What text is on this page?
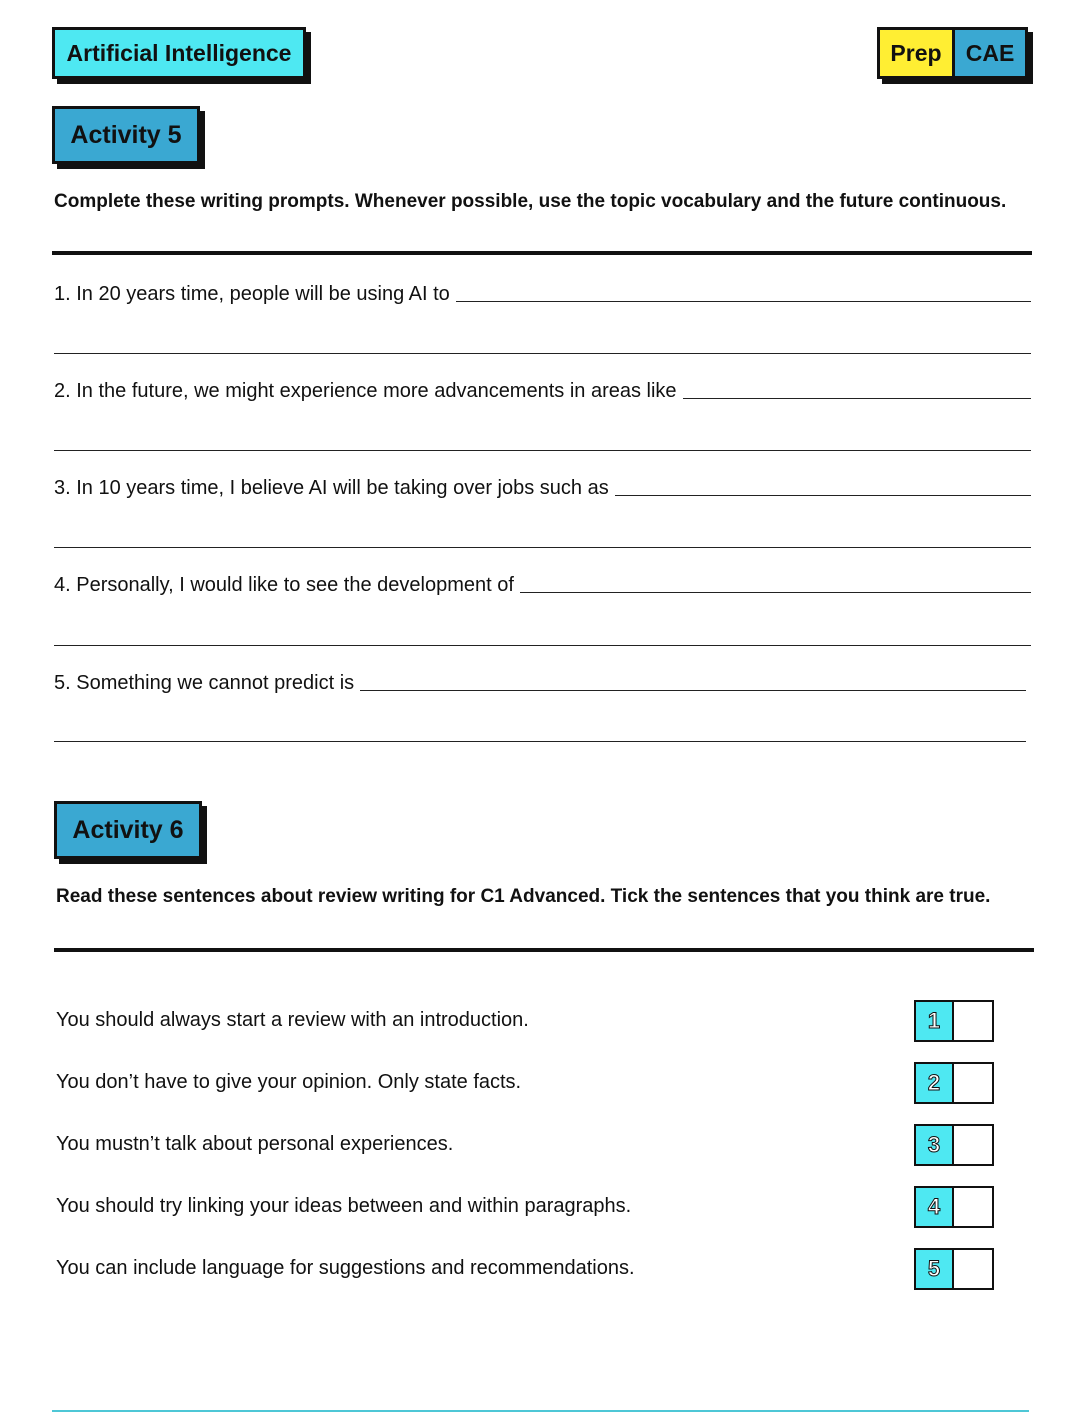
Artificial Intelligence	Prep	CAE
Activity 5
Complete these writing prompts. Whenever possible, use the topic vocabulary and the future continuous.
1. In 20 years time, people will be using AI to
2. In the future, we might experience more advancements in areas like
3. In 10 years time, I believe AI will be taking over jobs such as
4. Personally, I would like to see the development of
5. Something we cannot predict is
Activity 6
Read these sentences about review writing for C1 Advanced. Tick the sentences that you think are true.
You should always start a review with an introduction.	1
You don’t have to give your opinion. Only state facts.	2
You mustn’t talk about personal experiences.	3
You should try linking your ideas between and within paragraphs.	4
You can include language for suggestions and recommendations.	5
